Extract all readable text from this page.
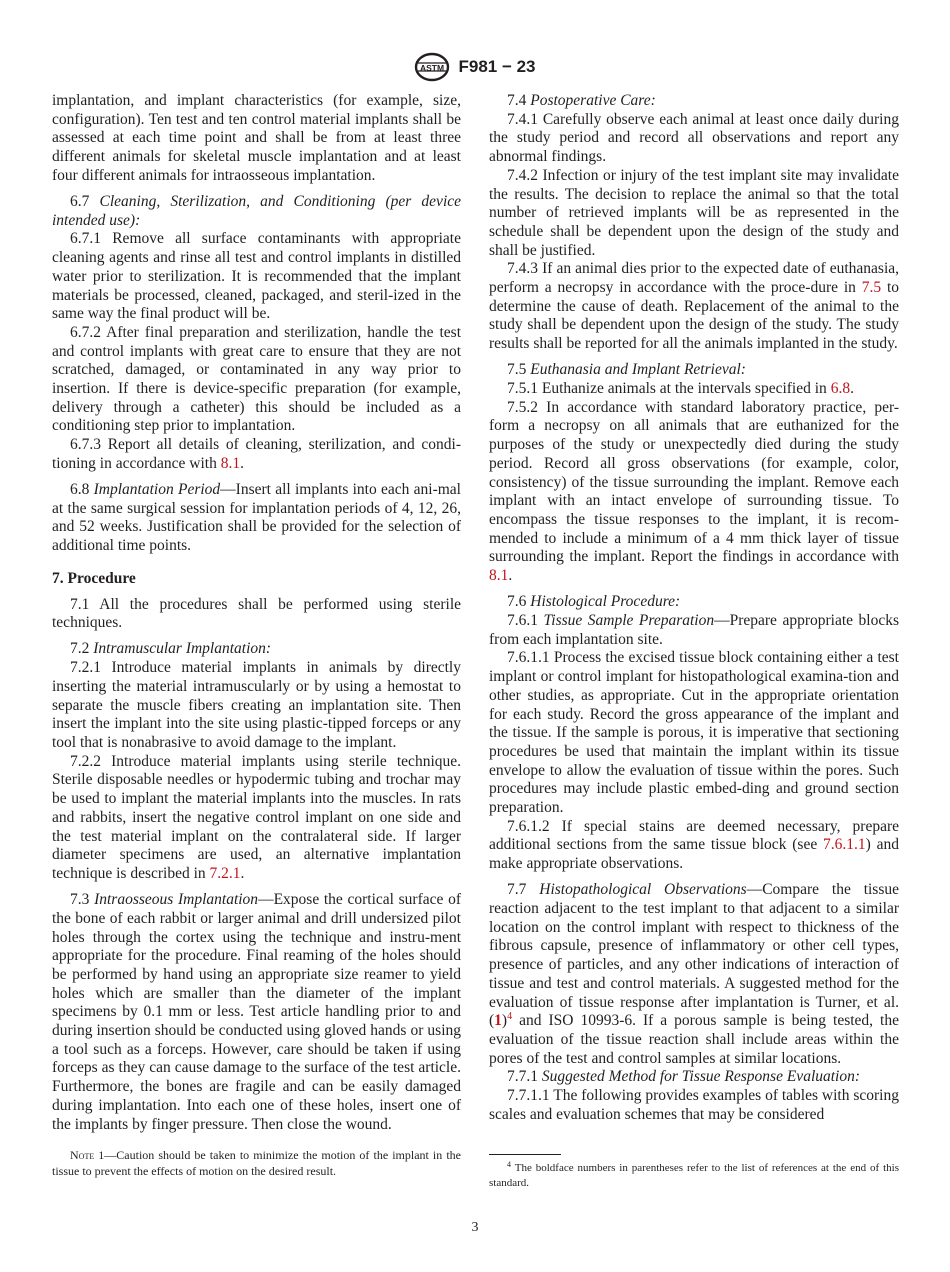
ASTM F981 − 23

implantation, and implant characteristics (for example, size, configuration). Ten test and ten control material implants shall be assessed at each time point and shall be from at least three different animals for skeletal muscle implantation and at least four different animals for intraosseous implantation.

6.7 Cleaning, Sterilization, and Conditioning (per device intended use):

6.7.1 Remove all surface contaminants with appropriate cleaning agents and rinse all test and control implants in distilled water prior to sterilization. It is recommended that the implant materials be processed, cleaned, packaged, and steril-ized in the same way the final product will be.

6.7.2 After final preparation and sterilization, handle the test and control implants with great care to ensure that they are not scratched, damaged, or contaminated in any way prior to insertion. If there is device-specific preparation (for example, delivery through a catheter) this should be included as a conditioning step prior to implantation.

6.7.3 Report all details of cleaning, sterilization, and condi-tioning in accordance with 8.1.

6.8 Implantation Period—Insert all implants into each ani-mal at the same surgical session for implantation periods of 4, 12, 26, and 52 weeks. Justification shall be provided for the selection of additional time points.

7. Procedure

7.1 All the procedures shall be performed using sterile techniques.

7.2 Intramuscular Implantation:

7.2.1 Introduce material implants in animals by directly inserting the material intramuscularly or by using a hemostat to separate the muscle fibers creating an implantation site. Then insert the implant into the site using plastic-tipped forceps or any tool that is nonabrasive to avoid damage to the implant.

7.2.2 Introduce material implants using sterile technique. Sterile disposable needles or hypodermic tubing and trochar may be used to implant the material implants into the muscles. In rats and rabbits, insert the negative control implant on one side and the test material implant on the contralateral side. If larger diameter specimens are used, an alternative implantation technique is described in 7.2.1.

7.3 Intraosseous Implantation—Expose the cortical surface of the bone of each rabbit or larger animal and drill undersized pilot holes through the cortex using the technique and instru-ment appropriate for the procedure. Final reaming of the holes should be performed by hand using an appropriate size reamer to yield holes which are smaller than the diameter of the implant specimens by 0.1 mm or less. Test article handling prior to and during insertion should be conducted using gloved hands or using a tool such as a forceps. However, care should be taken if using forceps as they can cause damage to the surface of the test article. Furthermore, the bones are fragile and can be easily damaged during implantation. Into each one of these holes, insert one of the implants by finger pressure. Then close the wound.

Note 1—Caution should be taken to minimize the motion of the implant in the tissue to prevent the effects of motion on the desired result.

7.4 Postoperative Care:

7.4.1 Carefully observe each animal at least once daily during the study period and record all observations and report any abnormal findings.

7.4.2 Infection or injury of the test implant site may invalidate the results. The decision to replace the animal so that the total number of retrieved implants will be as represented in the schedule shall be dependent upon the design of the study and shall be justified.

7.4.3 If an animal dies prior to the expected date of euthanasia, perform a necropsy in accordance with the proce-dure in 7.5 to determine the cause of death. Replacement of the animal to the study shall be dependent upon the design of the study. The study results shall be reported for all the animals implanted in the study.

7.5 Euthanasia and Implant Retrieval:

7.5.1 Euthanize animals at the intervals specified in 6.8.

7.5.2 In accordance with standard laboratory practice, per-form a necropsy on all animals that are euthanized for the purposes of the study or unexpectedly died during the study period. Record all gross observations (for example, color, consistency) of the tissue surrounding the implant. Remove each implant with an intact envelope of surrounding tissue. To encompass the tissue responses to the implant, it is recom-mended to include a minimum of a 4 mm thick layer of tissue surrounding the implant. Report the findings in accordance with 8.1.

7.6 Histological Procedure:

7.6.1 Tissue Sample Preparation—Prepare appropriate blocks from each implantation site.

7.6.1.1 Process the excised tissue block containing either a test implant or control implant for histopathological examina-tion and other studies, as appropriate. Cut in the appropriate orientation for each study. Record the gross appearance of the implant and the tissue. If the sample is porous, it is imperative that sectioning procedures be used that maintain the implant within its tissue envelope to allow the evaluation of tissue within the pores. Such procedures may include plastic embed-ding and ground section preparation.

7.6.1.2 If special stains are deemed necessary, prepare additional sections from the same tissue block (see 7.6.1.1) and make appropriate observations.

7.7 Histopathological Observations—Compare the tissue reaction adjacent to the test implant to that adjacent to a similar location on the control implant with respect to thickness of the fibrous capsule, presence of inflammatory or other cell types, presence of particles, and any other indications of interaction of tissue and test and control materials. A suggested method for the evaluation of tissue response after implantation is Turner, et al. (1)$^4$ and ISO 10993-6. If a porous sample is being tested, the evaluation of the tissue reaction shall include areas within the pores of the test and control samples at similar locations.

7.7.1 Suggested Method for Tissue Response Evaluation:

7.7.1.1 The following provides examples of tables with scoring scales and evaluation schemes that may be considered

$^4$ The boldface numbers in parentheses refer to the list of references at the end of this standard.
3
